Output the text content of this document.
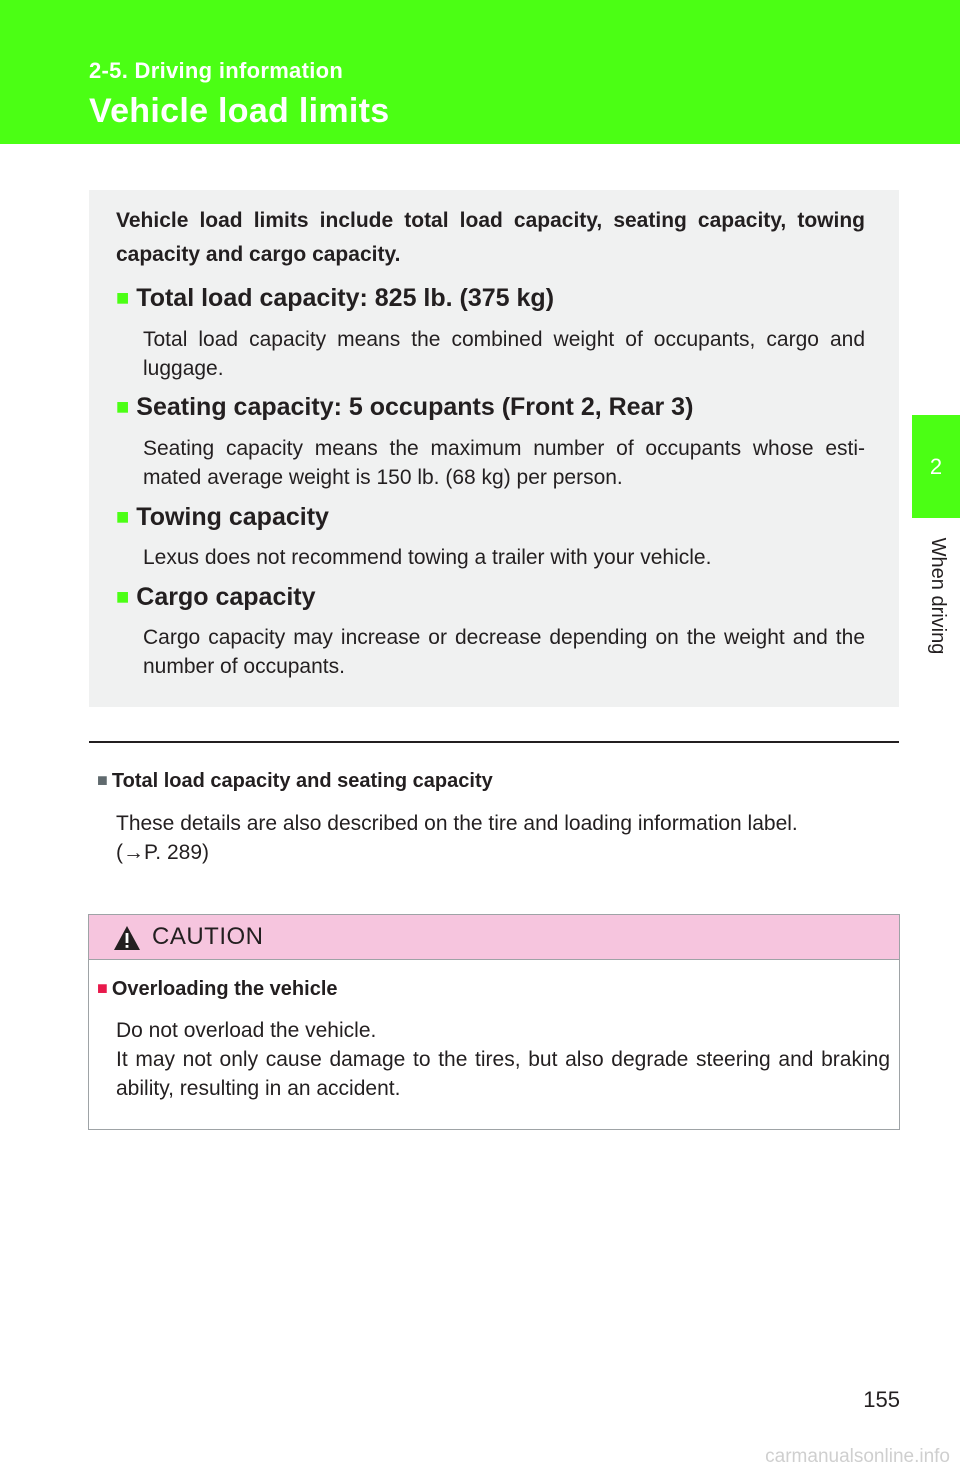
2-5. Driving information
Vehicle load limits
2
When driving
Vehicle load limits include total load capacity, seating capacity, towing capacity and cargo capacity.
■ Total load capacity: 825 lb. (375 kg)
Total load capacity means the combined weight of occupants, cargo and luggage.
■ Seating capacity: 5 occupants (Front 2, Rear 3)
Seating capacity means the maximum number of occupants whose esti-mated average weight is 150 lb. (68 kg) per person.
■ Towing capacity
Lexus does not recommend towing a trailer with your vehicle.
■ Cargo capacity
Cargo capacity may increase or decrease depending on the weight and the number of occupants.
■ Total load capacity and seating capacity
These details are also described on the tire and loading information label.
(→P. 289)
CAUTION
■ Overloading the vehicle
Do not overload the vehicle.
It may not only cause damage to the tires, but also degrade steering and braking ability, resulting in an accident.
155
carmanualsonline.info
